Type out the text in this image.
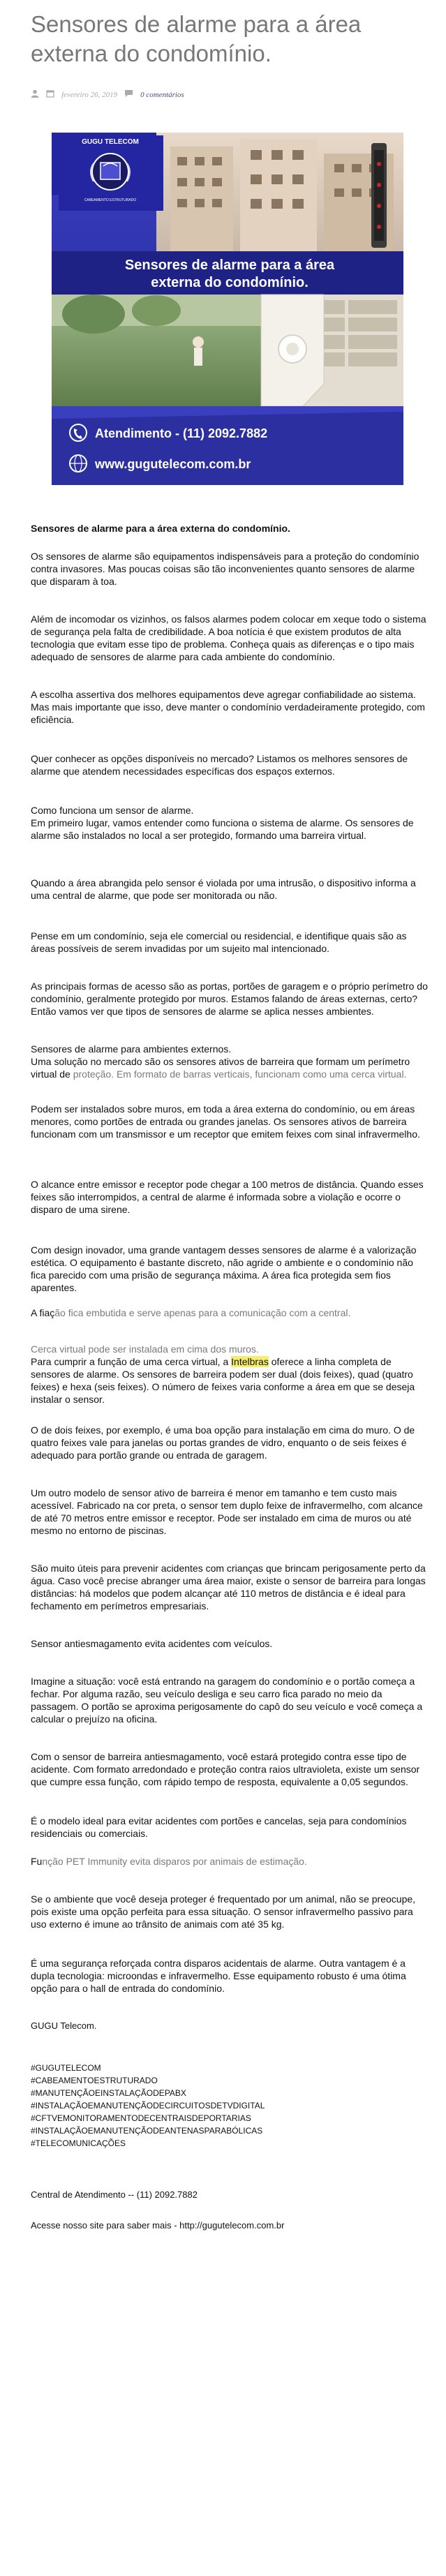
Sensores de alarme para a área externa do condomínio.
fevereiro 26, 2019	0 comentários
GUGU TELECOM
CABEAMENTO ESTRUTURADO
Sensores de alarme para a área
externa do condomínio.
Atendimento - (11) 2092.7882
www.gugutelecom.com.br

Sensores de alarme para a área externa do condomínio.

Os sensores de alarme são equipamentos indispensáveis para a proteção do condomínio contra invasores. Mas poucas coisas são tão inconvenientes quanto sensores de alarme que disparam à toa.

Além de incomodar os vizinhos, os falsos alarmes podem colocar em xeque todo o sistema de segurança pela falta de credibilidade. A boa notícia é que existem produtos de alta tecnologia que evitam esse tipo de problema. Conheça quais as diferenças e o tipo mais adequado de sensores de alarme para cada ambiente do condomínio.

A escolha assertiva dos melhores equipamentos deve agregar confiabilidade ao sistema. Mas mais importante que isso, deve manter o condomínio verdadeiramente protegido, com eficiência.

Quer conhecer as opções disponíveis no mercado? Listamos os melhores sensores de alarme que atendem necessidades específicas dos espaços externos.

Como funciona um sensor de alarme.

Em primeiro lugar, vamos entender como funciona o sistema de alarme. Os sensores de alarme são instalados no local a ser protegido, formando uma barreira virtual.

Quando a área abrangida pelo sensor é violada por uma intrusão, o dispositivo informa a uma central de alarme, que pode ser monitorada ou não.

Pense em um condomínio, seja ele comercial ou residencial, e identifique quais são as áreas possíveis de serem invadidas por um sujeito mal intencionado.

As principais formas de acesso são as portas, portões de garagem e o próprio perímetro do condomínio, geralmente protegido por muros. Estamos falando de áreas externas, certo?

Então vamos ver que tipos de sensores de alarme se aplica nesses ambientes.

Sensores de alarme para ambientes externos.

Uma solução no mercado são os sensores ativos de barreira que formam um perímetro virtual de proteção. Em formato de barras verticais, funcionam como uma cerca virtual.

Podem ser instalados sobre muros, em toda a área externa do condomínio, ou em áreas menores, como portões de entrada ou grandes janelas. Os sensores ativos de barreira funcionam com um transmissor e um receptor que emitem feixes com sinal infravermelho.

O alcance entre emissor e receptor pode chegar a 100 metros de distância. Quando esses feixes são interrompidos, a central de alarme é informada sobre a violação e ocorre o disparo de uma sirene.

Com design inovador, uma grande vantagem desses sensores de alarme é a valorização estética. O equipamento é bastante discreto, não agride o ambiente e o condomínio não fica parecido com uma prisão de segurança máxima. A área fica protegida sem fios aparentes.

A fiação fica embutida e serve apenas para a comunicação com a central.

Cerca virtual pode ser instalada em cima dos muros.

Para cumprir a função de uma cerca virtual, a Intelbras oferece a linha completa de sensores de alarme. Os sensores de barreira podem ser dual (dois feixes), quad (quatro feixes) e hexa (seis feixes). O número de feixes varia conforme a área em que se deseja instalar o sensor.

O de dois feixes, por exemplo, é uma boa opção para instalação em cima do muro. O de quatro feixes vale para janelas ou portas grandes de vidro, enquanto o de seis feixes é adequado para portão grande ou entrada de garagem.

Um outro modelo de sensor ativo de barreira é menor em tamanho e tem custo mais acessível. Fabricado na cor preta, o sensor tem duplo feixe de infravermelho, com alcance de até 70 metros entre emissor e receptor. Pode ser instalado em cima de muros ou até mesmo no entorno de piscinas.

São muito úteis para prevenir acidentes com crianças que brincam perigosamente perto da água. Caso você precise abranger uma área maior, existe o sensor de barreira para longas distâncias: há modelos que podem alcançar até 110 metros de distância e é ideal para fechamento em perímetros empresariais.

Sensor antiesmagamento evita acidentes com veículos.

Imagine a situação: você está entrando na garagem do condomínio e o portão começa a fechar. Por alguma razão, seu veículo desliga e seu carro fica parado no meio da passagem. O portão se aproxima perigosamente do capô do seu veículo e você começa a calcular o prejuízo na oficina.

Com o sensor de barreira antiesmagamento, você estará protegido contra esse tipo de acidente. Com formato arredondado e proteção contra raios ultravioleta, existe um sensor que cumpre essa função, com rápido tempo de resposta, equivalente a 0,05 segundos.

É o modelo ideal para evitar acidentes com portões e cancelas, seja para condomínios residenciais ou comerciais.

Função PET Immunity evita disparos por animais de estimação.

Se o ambiente que você deseja proteger é frequentado por um animal, não se preocupe, pois existe uma opção perfeita para essa situação. O sensor infravermelho passivo para uso externo é imune ao trânsito de animais com até 35 kg.

É uma segurança reforçada contra disparos acidentais de alarme. Outra vantagem é a dupla tecnologia: microondas e infravermelho. Esse equipamento robusto é uma ótima opção para o hall de entrada do condomínio.

GUGU Telecom.

#GUGUTELECOM

#CABEAMENTOESTRUTURADO

#MANUTENÇÃOEINSTALAÇÃODEPABX

#INSTALAÇÃOEMANUTENÇÃODECIRCUITOSDETVDIGITAL

#CFTVEMONITORAMENTODECENTRAISDEPORTARIAS

#INSTALAÇÃOEMANUTENÇÃODEANTENASPARABÓLICAS

#TELECOMUNICAÇÕES

Central de Atendimento -- (11) 2092.7882

Acesse nosso site para saber mais - http://gugutelecom.com.br
